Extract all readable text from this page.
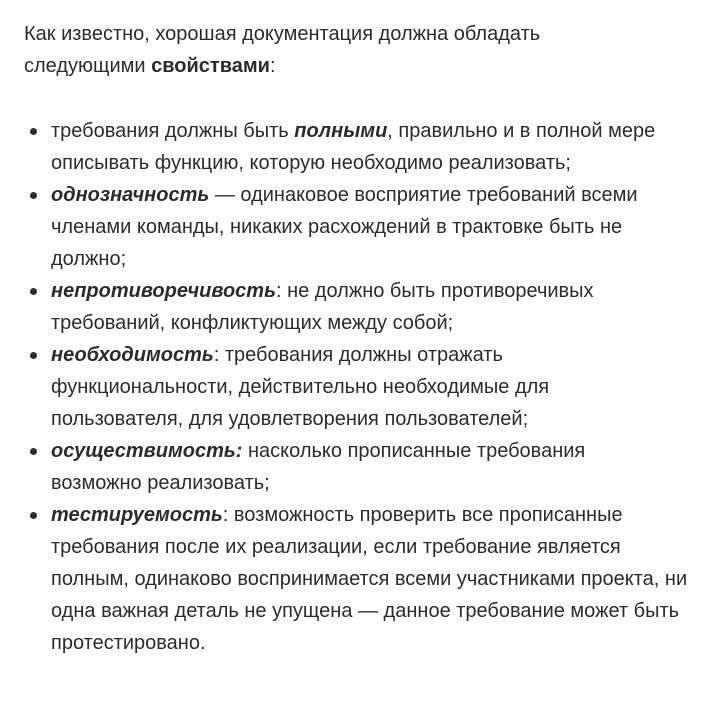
Как известно, хорошая документация должна обладать следующими свойствами:

требования должны быть полными, правильно и в полной мере описывать функцию, которую необходимо реализовать;
однозначность — одинаковое восприятие требований всеми членами команды, никаких расхождений в трактовке быть не должно;
непротиворечивость: не должно быть противоречивых требований, конфликтующих между собой;
необходимость: требования должны отражать функциональности, действительно необходимые для пользователя, для удовлетворения пользователей;
осуществимость: насколько прописанные требования возможно реализовать;
тестируемость: возможность проверить все прописанные требования после их реализации, если требование является полным, одинаково воспринимается всеми участниками проекта, ни одна важная деталь не упущена — данное требование может быть протестировано.
